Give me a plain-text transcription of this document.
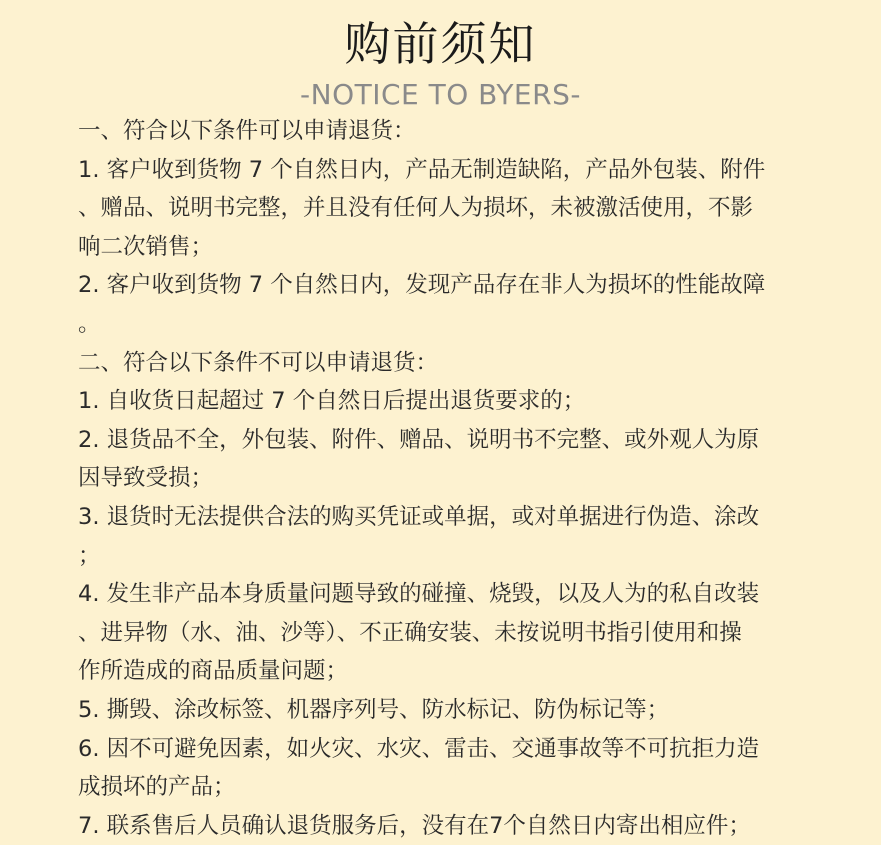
购前须知
-NOTICE TO BYERS-
一、符合以下条件可以申请退货：
1. 客户收到货物 7 个自然日内，产品无制造缺陷，产品外包装、附件
、赠品、说明书完整，并且没有任何人为损坏，未被激活使用，不影
响二次销售；
2. 客户收到货物 7 个自然日内，发现产品存在非人为损坏的性能故障
。
二、符合以下条件不可以申请退货：
1. 自收货日起超过 7 个自然日后提出退货要求的；
2. 退货品不全，外包装、附件、赠品、说明书不完整、或外观人为原
因导致受损；
3. 退货时无法提供合法的购买凭证或单据，或对单据进行伪造、涂改
；
4. 发生非产品本身质量问题导致的碰撞、烧毁，以及人为的私自改装
、进异物（水、油、沙等）、不正确安装、未按说明书指引使用和操
作所造成的商品质量问题；
5. 撕毁、涂改标签、机器序列号、防水标记、防伪标记等；
6. 因不可避免因素，如火灾、水灾、雷击、交通事故等不可抗拒力造
成损坏的产品；
7. 联系售后人员确认退货服务后，没有在7个自然日内寄出相应件；
